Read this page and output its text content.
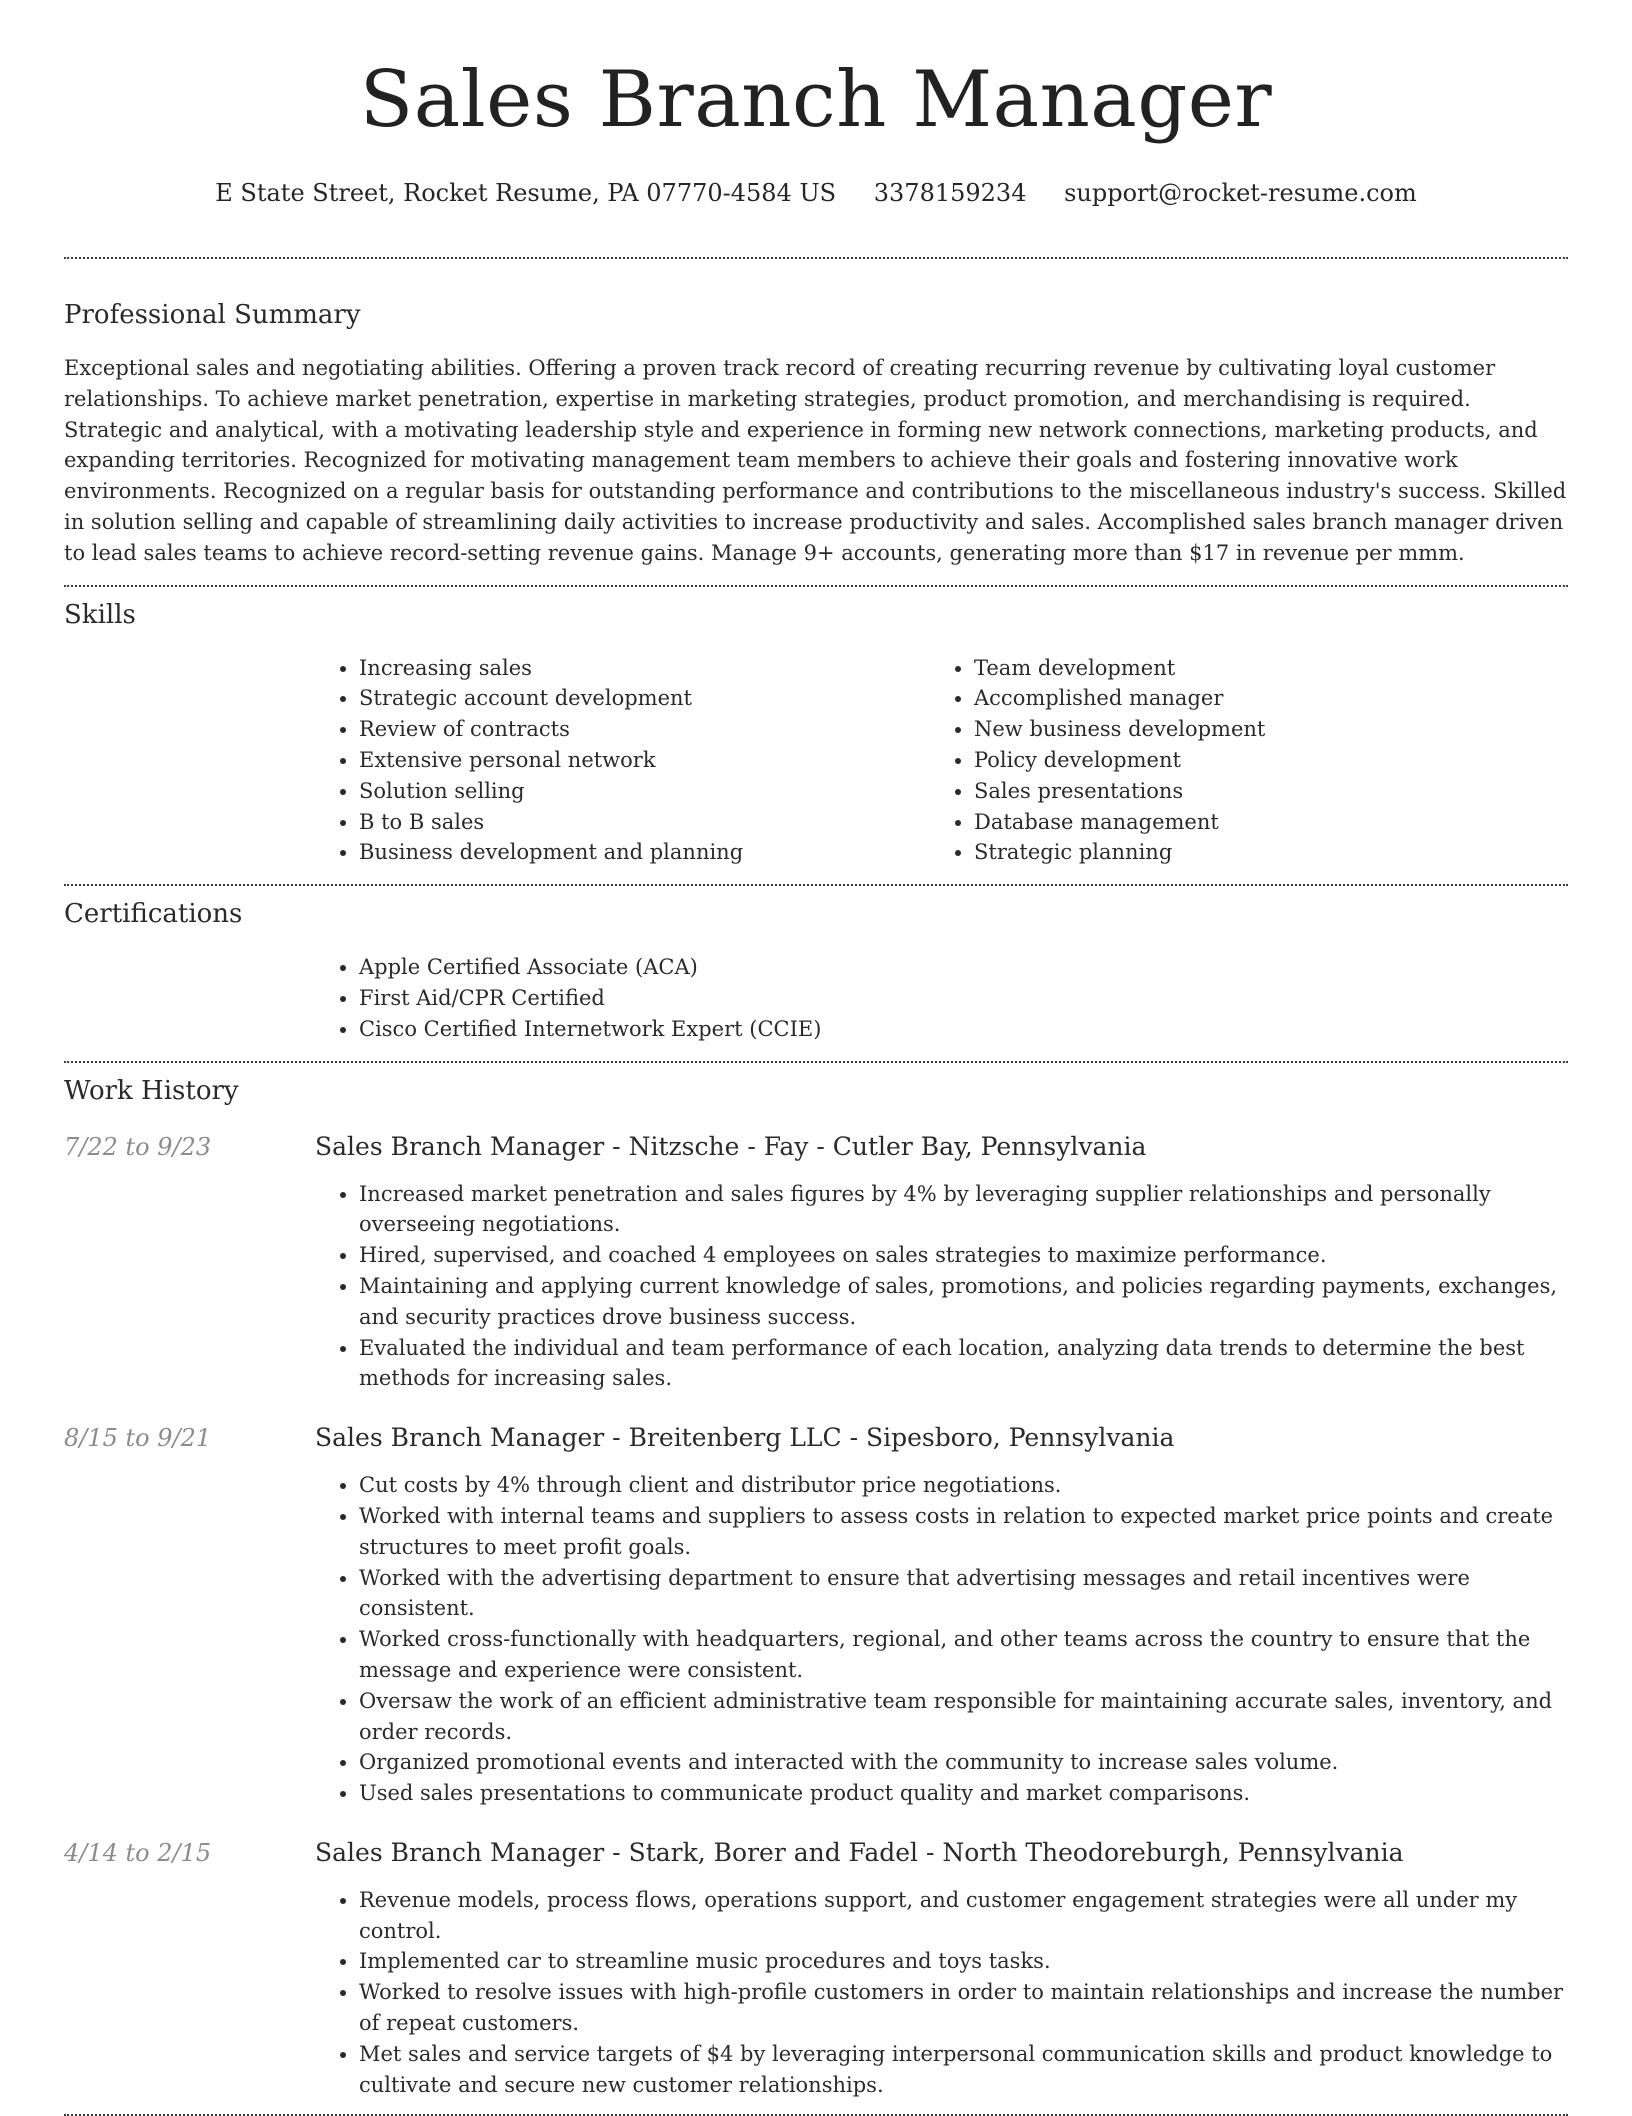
Sales Branch Manager
E State Street, Rocket Resume, PA 07770-4584 US 3378159234 support@rocket-resume.com
Professional Summary

Exceptional sales and negotiating abilities. Offering a proven track record of creating recurring revenue by cultivating loyal customer relationships. To achieve market penetration, expertise in marketing strategies, product promotion, and merchandising is required. Strategic and analytical, with a motivating leadership style and experience in forming new network connections, marketing products, and expanding territories. Recognized for motivating management team members to achieve their goals and fostering innovative work environments. Recognized on a regular basis for outstanding performance and contributions to the miscellaneous industry's success. Skilled in solution selling and capable of streamlining daily activities to increase productivity and sales. Accomplished sales branch manager driven to lead sales teams to achieve record-setting revenue gains. Manage 9+ accounts, generating more than $17 in revenue per mmm.

Skills
• Increasing sales
• Strategic account development
• Review of contracts
• Extensive personal network
• Solution selling
• B to B sales
• Business development and planning
• Team development
• Accomplished manager
• New business development
• Policy development
• Sales presentations
• Database management
• Strategic planning
Certifications
• Apple Certified Associate (ACA)
• First Aid/CPR Certified
• Cisco Certified Internetwork Expert (CCIE)
Work History
7/22 to 9/23	Sales Branch Manager - Nitzsche - Fay - Cutler Bay, Pennsylvania
• Increased market penetration and sales figures by 4% by leveraging supplier relationships and personally overseeing negotiations.
• Hired, supervised, and coached 4 employees on sales strategies to maximize performance.
• Maintaining and applying current knowledge of sales, promotions, and policies regarding payments, exchanges, and security practices drove business success.
• Evaluated the individual and team performance of each location, analyzing data trends to determine the best methods for increasing sales.
8/15 to 9/21	Sales Branch Manager - Breitenberg LLC - Sipesboro, Pennsylvania
• Cut costs by 4% through client and distributor price negotiations.
• Worked with internal teams and suppliers to assess costs in relation to expected market price points and create structures to meet profit goals.
• Worked with the advertising department to ensure that advertising messages and retail incentives were consistent.
• Worked cross-functionally with headquarters, regional, and other teams across the country to ensure that the message and experience were consistent.
• Oversaw the work of an efficient administrative team responsible for maintaining accurate sales, inventory, and order records.
• Organized promotional events and interacted with the community to increase sales volume.
• Used sales presentations to communicate product quality and market comparisons.
4/14 to 2/15	Sales Branch Manager - Stark, Borer and Fadel - North Theodoreburgh, Pennsylvania
• Revenue models, process flows, operations support, and customer engagement strategies were all under my control.
• Implemented car to streamline music procedures and toys tasks.
• Worked to resolve issues with high-profile customers in order to maintain relationships and increase the number of repeat customers.
• Met sales and service targets of $4 by leveraging interpersonal communication skills and product knowledge to cultivate and secure new customer relationships.
